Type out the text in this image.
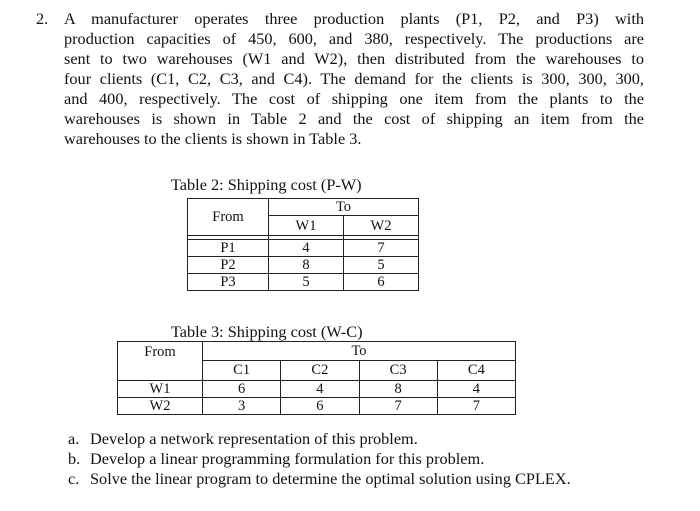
2. A manufacturer operates three production plants (P1, P2, and P3) with
production capacities of 450, 600, and 380, respectively. The productions are
sent to two warehouses (W1 and W2), then distributed from the warehouses to
four clients (C1, C2, C3, and C4). The demand for the clients is 300, 300, 300,
and 400, respectively. The cost of shipping one item from the plants to the
warehouses is shown in Table 2 and the cost of shipping an item from the
warehouses to the clients is shown in Table 3.
Table 2: Shipping cost (P-W)
From	To	
	W1	W2

P1	4	7
P2	8	5
P3	5	6
Table 3: Shipping cost (W-C)
From	To			
	C1	C2	C3	C4
W1	6	4	8	4
W2	3	6	7	7
a. Develop a network representation of this problem.
b. Develop a linear programming formulation for this problem.
c. Solve the linear program to determine the optimal solution using CPLEX.
